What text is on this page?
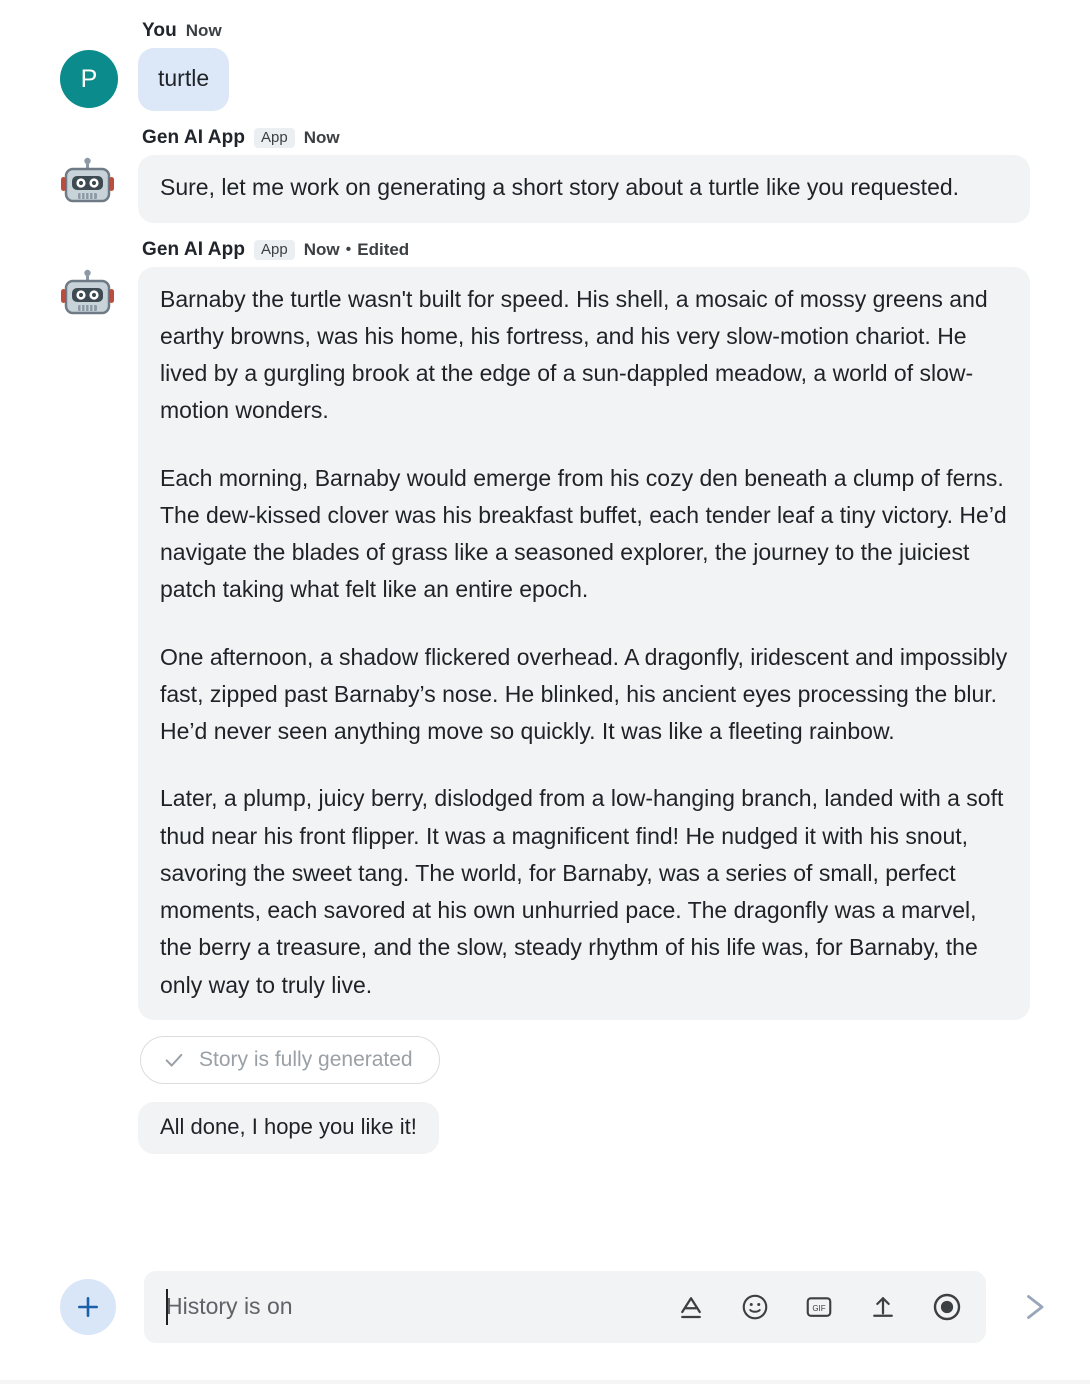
P
You Now

turtle

Gen AI App	App Now

Sure, let me work on generating a short story about a turtle like you requested.

Gen AI App	App Now • Edited

Barnaby the turtle wasn't built for speed. His shell, a mosaic of mossy greens and earthy browns, was his home, his fortress, and his very slow-motion chariot. He lived by a gurgling brook at the edge of a sun-dappled meadow, a world of slow-motion wonders.

Each morning, Barnaby would emerge from his cozy den beneath a clump of ferns. The dew-kissed clover was his breakfast buffet, each tender leaf a tiny victory. He’d navigate the blades of grass like a seasoned explorer, the journey to the juiciest patch taking what felt like an entire epoch.

One afternoon, a shadow flickered overhead. A dragonfly, iridescent and impossibly fast, zipped past Barnaby’s nose. He blinked, his ancient eyes processing the blur. He’d never seen anything move so quickly. It was like a fleeting rainbow.

Later, a plump, juicy berry, dislodged from a low-hanging branch, landed with a soft thud near his front flipper. It was a magnificent find! He nudged it with his snout, savoring the sweet tang. The world, for Barnaby, was a series of small, perfect moments, each savored at his own unhurried pace. The dragonfly was a marvel, the berry a treasure, and the slow, steady rhythm of his life was, for Barnaby, the only way to truly live.

Story is fully generated
All done, I hope you like it!
History is on
GIF
